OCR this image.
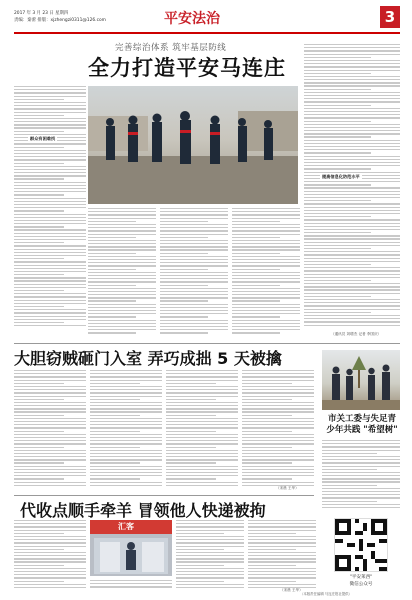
2017 年 3 月 23 日 星期四
责编：秦蕾 排版：xjzhengzi0311@126.com	平安法治	3
完善综治体系 筑牢基层防线
全力打造平安马连庄
群众有困难找
提高信息化防范水平
（通讯员 刘增杰 记者 李国庆）
大胆窃贼砸门入室 弄巧成拙 5 天被擒
（宋晨 王华）
市关工委与失足青少年共践 "希望树"
代收点顺手牵羊 冒领他人快递被拘
汇客
（宋晨 王华）
"平安莱西"
微信公众号
（本版责任编辑 马连庄报社提供）
